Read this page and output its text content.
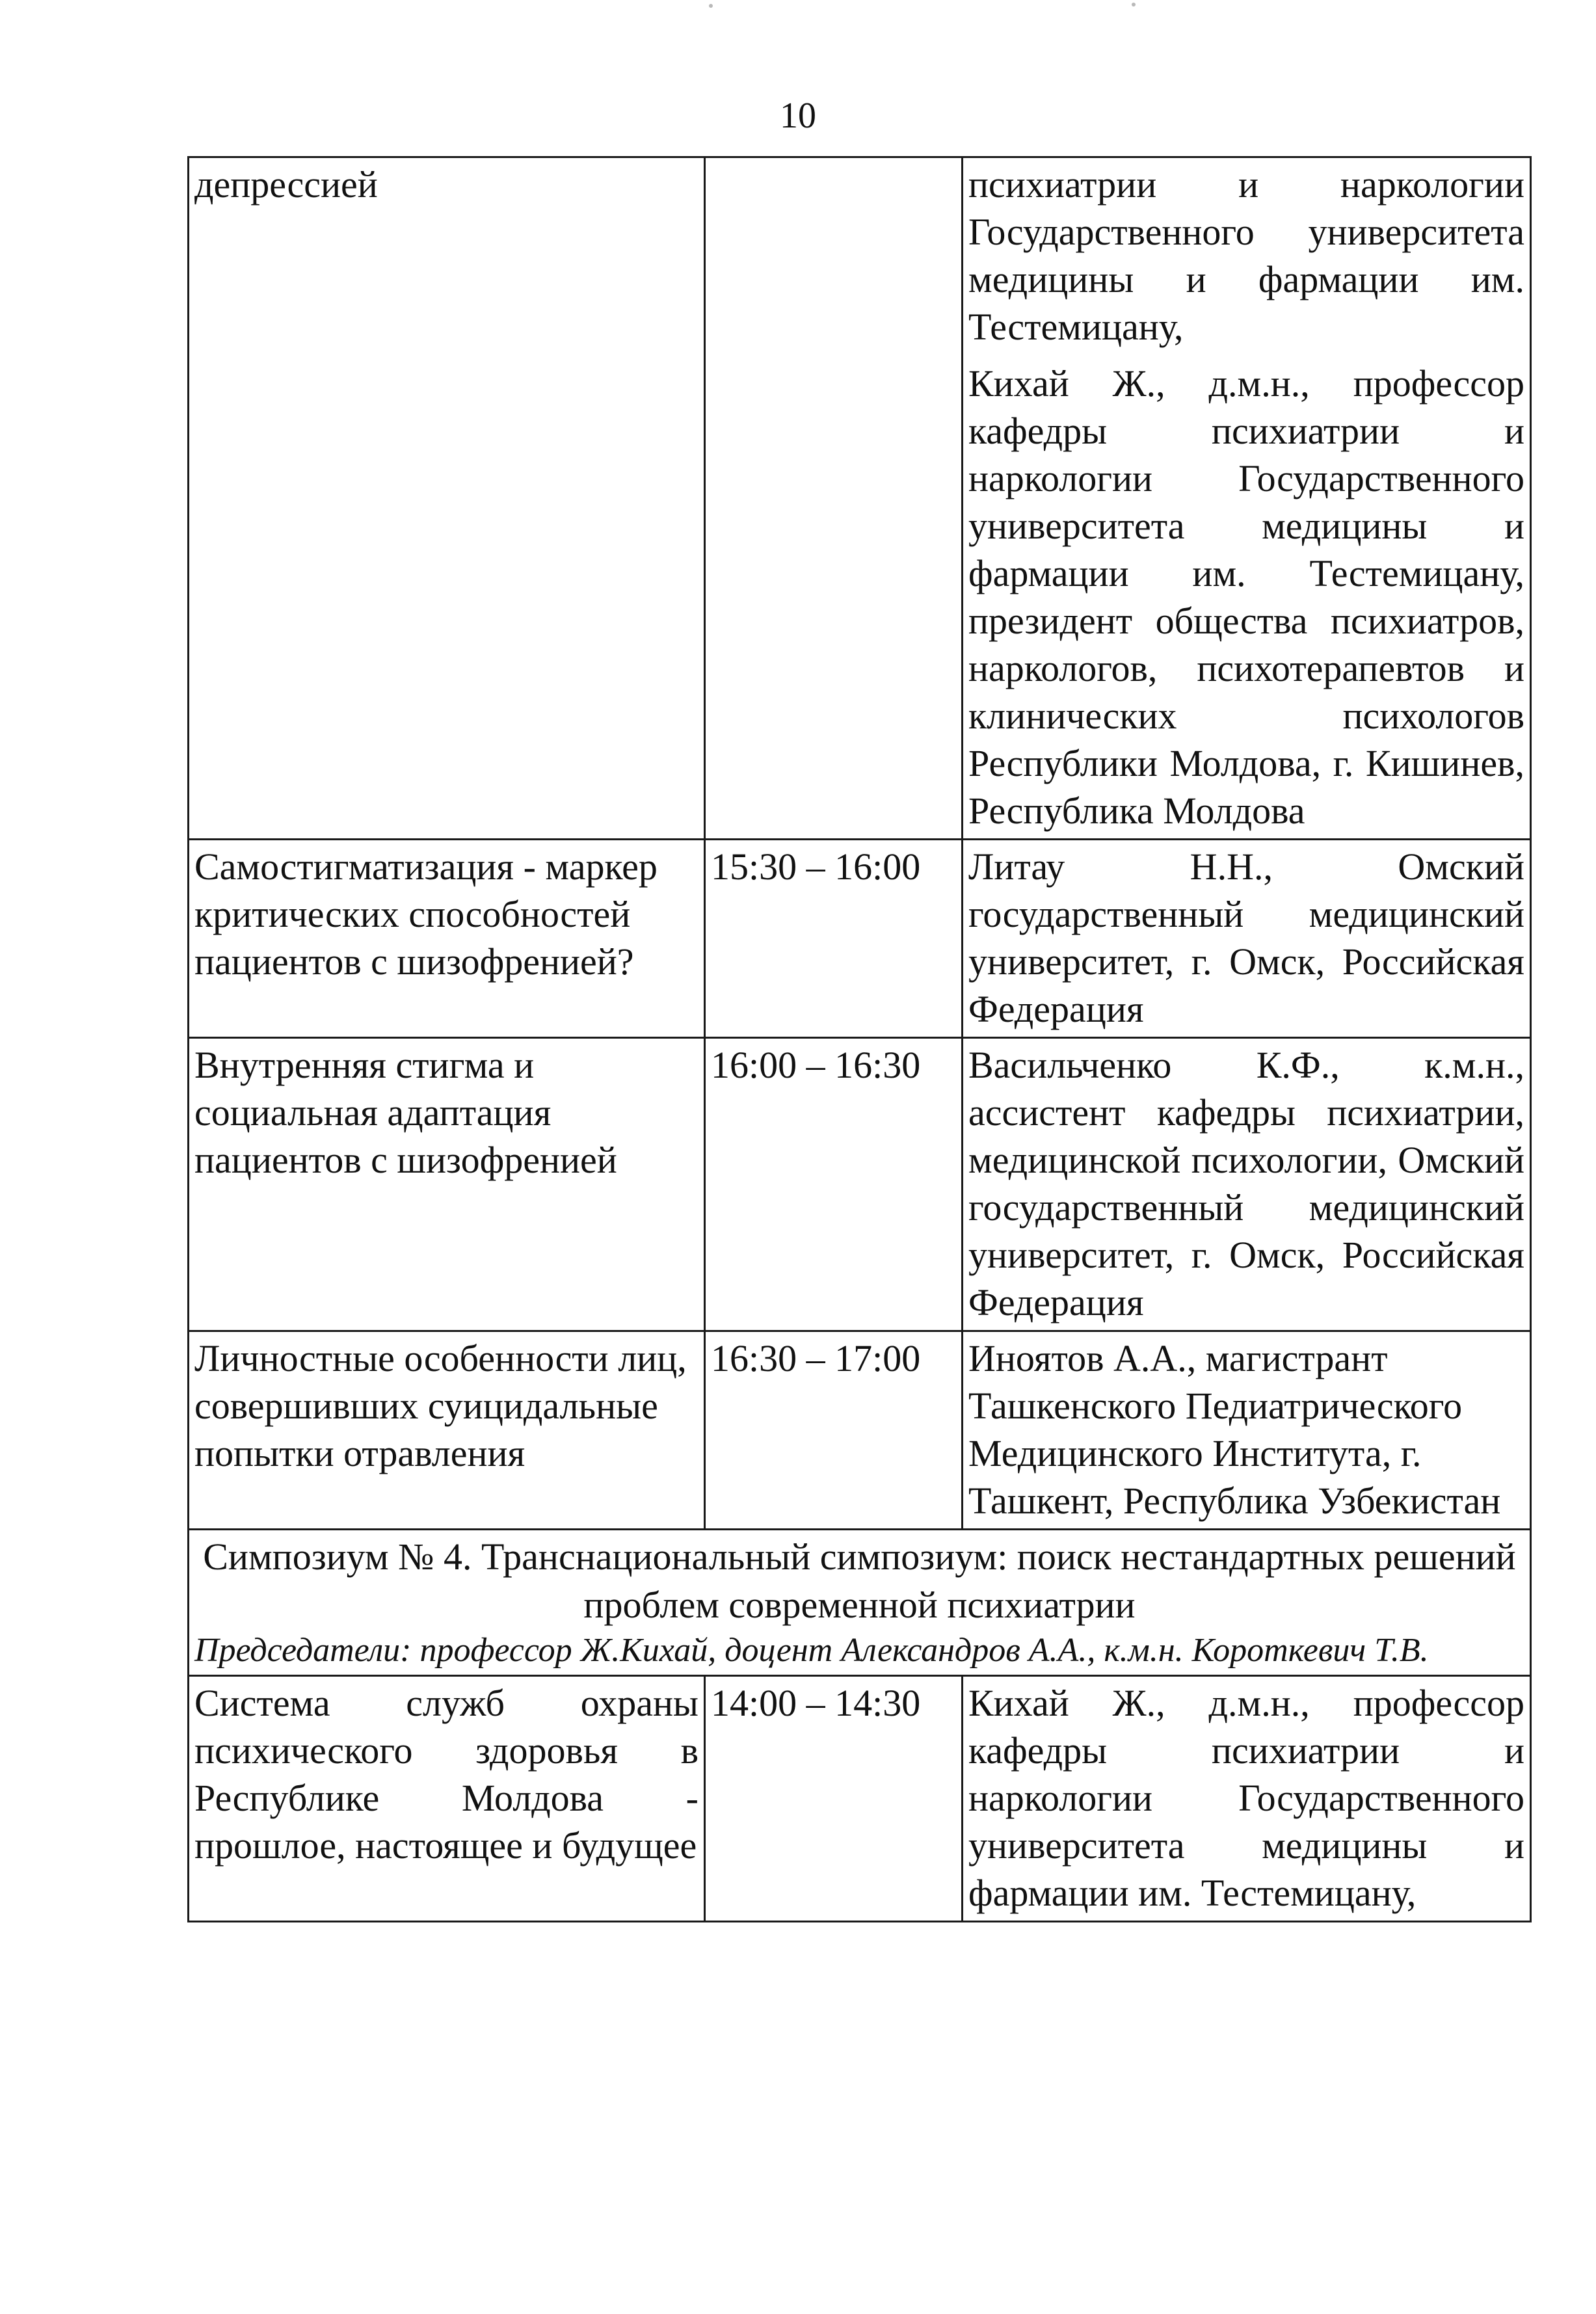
10
депрессией		психиатрии и наркологии Государственного университета медицины и фармации им. Тестемицану,

Кихай Ж., д.м.н., профессор кафедры психиатрии и наркологии Государственного университета медицины и фармации им. Тестемицану, президент общества психиатров, наркологов, психотерапевтов и клинических психологов Республики Молдова, г. Кишинев, Республика Молдова

Самостигматизация - маркер критических способностей пациентов с шизофренией?	15:30 – 16:00	Литау Н.Н., Омский государственный медицинский университет, г. Омск, Российская Федерация

Внутренняя стигма и социальная адаптация пациентов с шизофренией	16:00 – 16:30	Васильченко К.Ф., к.м.н., ассистент кафедры психиатрии, медицинской психологии, Омский государственный медицинский университет, г. Омск, Российская Федерация

Личностные особенности лиц, совершивших суицидальные попытки отравления	16:30 – 17:00	Иноятов А.А., магистрант Ташкенского Педиатрического Медицинского Института, г. Ташкент, Республика Узбекистан

Симпозиум № 4. Транснациональный симпозиум: поиск нестандартных решений проблем современной психиатрии
Председатели: профессор Ж.Кихай, доцент Александров А.А., к.м.н. Короткевич Т.В.		

Система служб охраны психического здоровья в Республике Молдова - прошлое, настоящее и будущее	14:00 – 14:30	Кихай Ж., д.м.н., профессор кафедры психиатрии и наркологии Государственного университета медицины и фармации им. Тестемицану,
